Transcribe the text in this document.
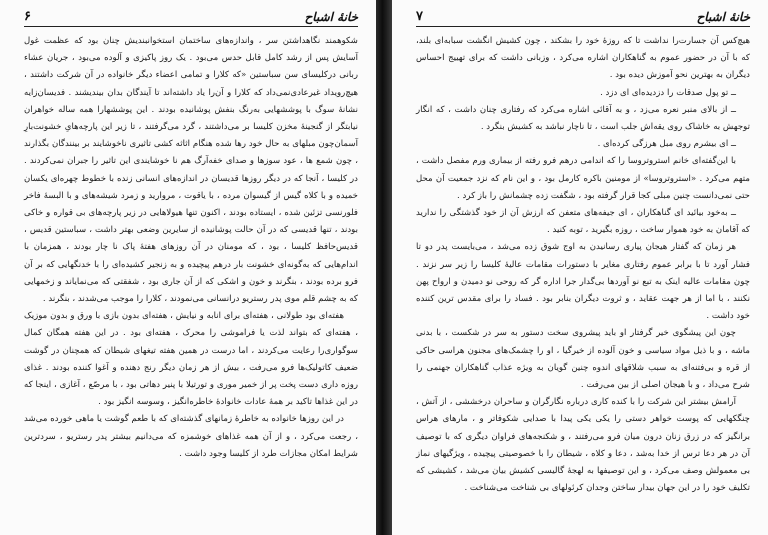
خانهٔ اشباح
۶

شکوهمند نگاهداشتن سر ، واندازه‌های ساختمان استخوانبندیش چنان بود که عظمت غول آسایش پس از رشد کامل قابل حدس می‌بود . یک روز پاکیزی و آلوده می‌بود ، جریان عشاء ربانی درکلیسای سن سباستین «که کلارا و تمامی اعضاء دیگر خانواده در آن شرکت داشتند ، هیچ‌رویداد غیرعادی‌نمی‌داد که‌ کلارا و آن‌را یاد داشته‌اند تا آیندگان بدان بیندیشند . فدیسان‌زایه نشانهٔ سوگ با پوششهایی به‌رنگ بنفش پوشانیده بودند . این پوششهارا همه ساله خواهران نیابتگر از گنجینهٔ مخزن کلیسا بر می‌داشتند ، گرد می‌گرفتند ، تا زیر این پارچه‌هایِ خشونت‌بارِ آسمان‌چون مبلهای به حال خود رها شده هنگام اثاثه کشی تاثیری ناخوشایند بر بینندگان بگذارند ، چون شمع ها ، عود سوزها و صدای خفه‌آرگ هم نا خوشایندی این تاثیر را جبران نمی‌کردند . در کلیسا ، آنجا که در دیگر روزها قدیسان در اندازه‌های انسانی زنده با خطوط چهره‌ای یکسان خمیده و با کلاه گیس از گیسوان مرده ، با یاقوت ، مروارید و زمرد شیشه‌های و با البسهٔ فاخر فلورنسی تزئین شده ، ایستاده بودند ، اکنون تنها هیولا‌هایی در زیر پارچه‌های بی قواره و خاکی بودند ، تنها قدیسی که در آن حالت پوشانیده از سایرین وضعی بهتر داشت ، سباستین قدیس ، قدیس‌حافظ‌ کلیسا ، بود ، که مومنان در آن روزهای هفتهٔ پاک نا چار بودند ، همزمان با اندام‌هایی که به‌گونه‌ای خشونت بار درهم پیچیده و به زنجیر کشیده‌ای را با خدنگهایی که بر آن فرو برده بودند ، بنگرند و خون و اشکی که از آن جاری بود ، شفقتی که می‌نمایاند و زخمهایی که به چشم قلم موی پدر رستریو درانسانی می‌نمودند ، کلارا را موجب می‌شدند ، بنگرند .

هفته‌ای بود طولانی ، هفته‌ای برای انابه و نیایش ، هفته‌ای بدون بازی با ورق و بدون موزیک ، هفته‌ای که بتواند لذت یا فراموشی را محرک ، هفته‌ای بود . در این هفته همگان کمال سوگواری‌را رعایت می‌کردند ، اما درست در همین هفته تیغهای شیطان که همچنان در گوشت ضعیف کاتولیک‌ها فرو می‌رفت ، بیش از هر زمان دیگر رنج دهنده و آغوا کننده بودند . غذای روزه داری دست پخت پر از خمیر موری و تورتیلا با پنیر دهاتی بود ، با مرصّع ، آغازی ، اینجا که در این غذاها تاکید بر همهٔ عادات خانوادهٔ خاطره‌انگیز ، وسوسه‌ انگیز بود .

در این روزها خانواده به خاطرهٔ زمانهای گذشته‌ای که با طعم گوشت یا ماهی خورده می‌شد ، رجعت می‌کرد ، و از آن همه غذاهای خوشمزه که می‌دانیم بیشتر پدر رستریو ، سردترین شرایط امکان مجازات طرد از کلیسا وجود داشت .

خانهٔ اشباح
۷

هیچ‌کس آن جسارت‌را نداشت تا که روزهٔ خود را بشکند ، چون کشیش انگشت سبابه‌ای بلند، که با آن در حضور عموم به گناهکاران اشاره می‌کرد ، وزبانی داشت که برای تهییج احساس دیگران به بهترین نحو آموزش دیده بود .

ــ تو پول صدقات را دزدیده‌ای ای دزد .

ــ از بالای منبر نعره می‌زد ، و به آقائی اشاره می‌کرد که رفتاری چنان داشت ، که انگار توجهش به خاشاک روی یقه‌اش جلب است ، تا ناچار نباشد به کشیش بنگرد .

ــ ای بیشرم روی مبل هرزگی کرده‌ای .

با این‌گفته‌ای خانم استروتروسا را که اندامی درهم فرو رفته از بیماری ورم مفصل داشت ، متهم می‌کرد . «استروتروسا» از مومنین باکره کارمل بود ، و این نام که نزد جمعیت آن محل حتی نمی‌دانست چنین مبلی کجا قرار گرفته بود ، شگفت زده چشمانش را باز کرد .

ــ به‌خود بیائید ای گناهکاران ، ای جیفه‌های متعفن که ارزش آن از خود گذشتگی را ندارید که آقامان به خود هموار ساخت ، روزه بگیرید ، توبه کنید .

هر زمان که گفتار هیجان پیاری رسانیدن به اوج شوق زده می‌شد ، می‌بایست پدر دو تا فشار آورد تا با برابر عموم رفتاری مغایر با دستورات مقامات عالیهٔ کلیسا را زیر سر نزند . چون مقامات عالیه اینک به تبع نو آوردها بی‌گدار جرا اداره گر که روحی نو دمیدن و ارواح پهن نکنند ، با اما از هر جهت عقاید ، و ثروت دیگران بنابر بود . فساد را برای مقدس ترین کننده خود داشت .

چون این پیشگوی خیر گرفتار او باید پیشروی سخت دستور به سر در شکست ، با بدنی ماشه ، و با ذیل مواد سیاسی و خون آلوده از خیرگیا ، او را چشمک‌های مجنون هراسی حاکی از قره و بی‌فتنه‌ای به سبب شلاقهای اندوه چنین گویان به ویژه عذاب گناهکاران جهنمی را شرح می‌داد ، و با هیجان اصلی از بین می‌رفت .

آرامش بیشتر این شرکت را با کنده کاری درباره نگارگران و ساحران درخششی ، از آتش ، چنگکهایی که پوست خواهر دستی را یکی یکی پیدا با صدایی شکوفاتر و ، مارهای هراس برانگیز که در زرق زنان درون میان فرو می‌رفتند ، و شکنجه‌های فراوان دیگری که با توصیف آن در هر دعا ترس از خدا به‌شد ، دعا و کلاه ، شیطان را با خصوصیتی پیچیده ، ویژگیهای نماز بی معمولش وصف می‌کرد ، و این توصیفها به ‌لهجهٔ گالیسی کشیش بیان می‌شد ، کشیشی که تکلیف خود را در این جهان بیدار ساختن وجدان کرئولهای بی‌ شناخت می‌شناخت .
